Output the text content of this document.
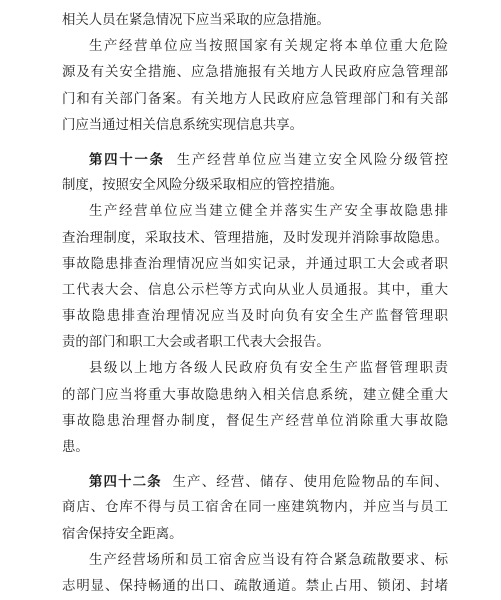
相关人员在紧急情况下应当采取的应急措施。
生产经营单位应当按照国家有关规定将本单位重大危险
源及有关安全措施、应急措施报有关地方人民政府应急管理部
门和有关部门备案。有关地方人民政府应急管理部门和有关部
门应当通过相关信息系统实现信息共享。
第四十一条 生产经营单位应当建立安全风险分级管控
制度，按照安全风险分级采取相应的管控措施。
生产经营单位应当建立健全并落实生产安全事故隐患排
查治理制度，采取技术、管理措施，及时发现并消除事故隐患。
事故隐患排查治理情况应当如实记录，并通过职工大会或者职
工代表大会、信息公示栏等方式向从业人员通报。其中，重大
事故隐患排查治理情况应当及时向负有安全生产监督管理职
责的部门和职工大会或者职工代表大会报告。
县级以上地方各级人民政府负有安全生产监督管理职责
的部门应当将重大事故隐患纳入相关信息系统，建立健全重大
事故隐患治理督办制度，督促生产经营单位消除重大事故隐
患。
第四十二条 生产、经营、储存、使用危险物品的车间、
商店、仓库不得与员工宿舍在同一座建筑物内，并应当与员工
宿舍保持安全距离。
生产经营场所和员工宿舍应当设有符合紧急疏散要求、标
志明显、保持畅通的出口、疏散通道。禁止占用、锁闭、封堵
